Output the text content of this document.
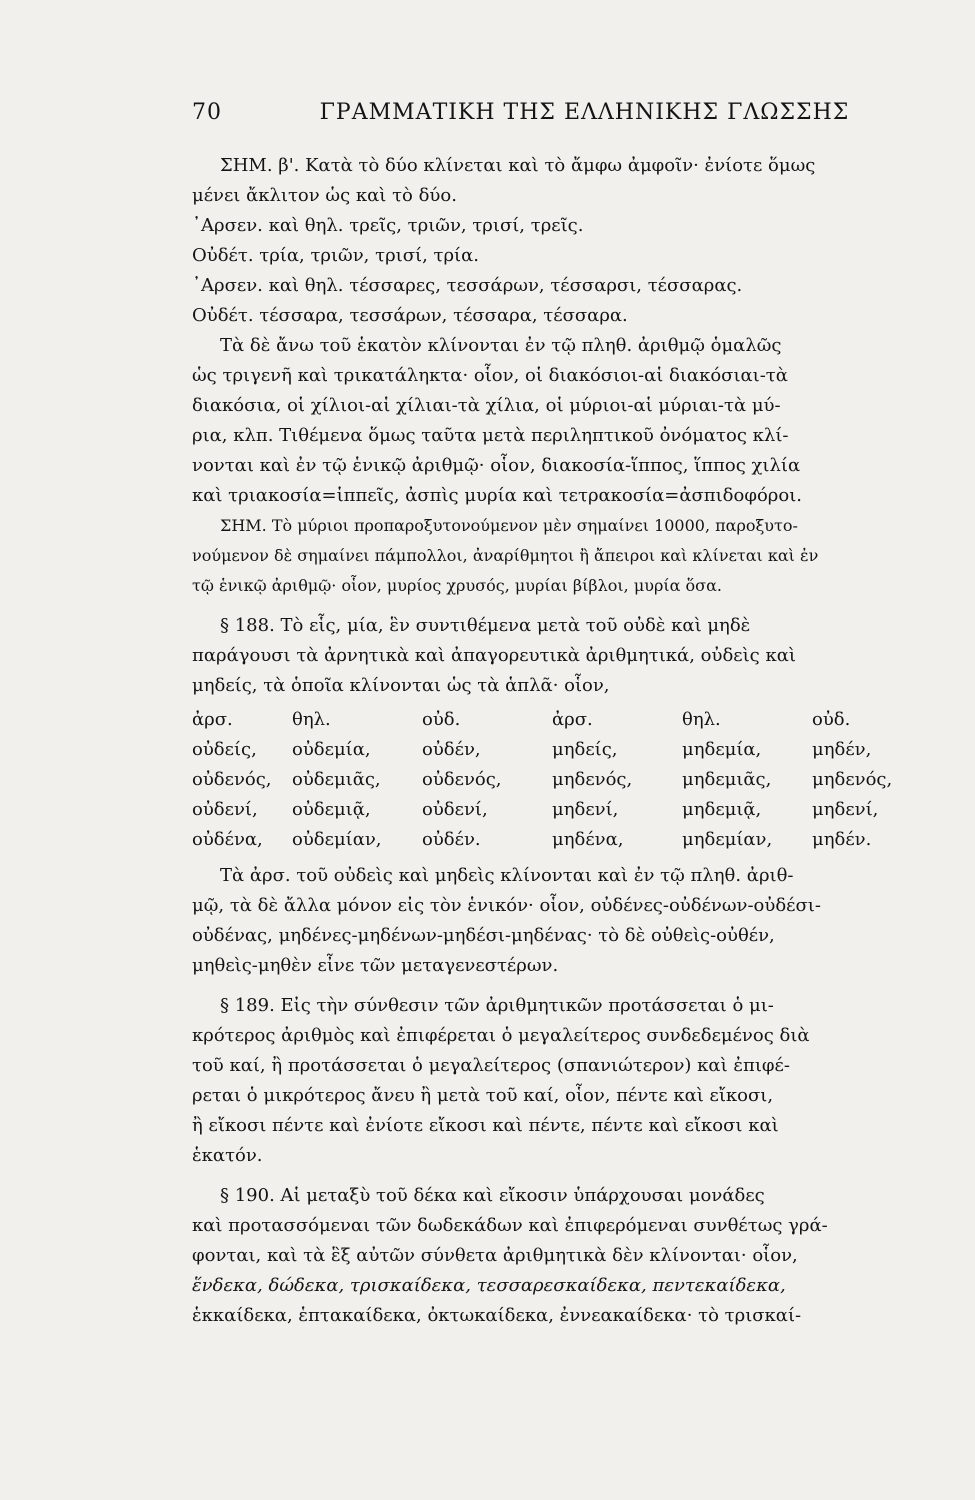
70	ΓΡΑΜΜΑΤΙΚΗ ΤΗΣ ΕΛΛΗΝΙΚΗΣ ΓΛΩΣΣΗΣ
ΣΗΜ. β'. Κατὰ τὸ δύο κλίνεται καὶ τὸ ἄμφω ἀμφοῖν· ἐνίοτε ὅμως
μένει ἄκλιτον ὡς καὶ τὸ δύο.
᾽Αρσεν. καὶ θηλ. τρεῖς, τριῶν, τρισί, τρεῖς.
Οὐδέτ. τρία, τριῶν, τρισί, τρία.
᾽Αρσεν. καὶ θηλ. τέσσαρες, τεσσάρων, τέσσαρσι, τέσσαρας.
Οὐδέτ. τέσσαρα, τεσσάρων, τέσσαρα, τέσσαρα.
Τὰ δὲ ἄνω τοῦ ἑκατὸν κλίνονται ἐν τῷ πληθ. ἀριθμῷ ὁμαλῶς
ὡς τριγενῆ καὶ τρικατάληκτα· οἷον, οἱ διακόσιοι-αἱ διακόσιαι-τὰ
διακόσια, οἱ χίλιοι-αἱ χίλιαι-τὰ χίλια, οἱ μύριοι-αἱ μύριαι-τὰ μύ-
ρια, κλπ. Τιθέμενα ὅμως ταῦτα μετὰ περιληπτικοῦ ὀνόματος κλί-
νονται καὶ ἐν τῷ ἑνικῷ ἀριθμῷ· οἷον, διακοσία-ἵππος, ἵππος χιλία
καὶ τριακοσία=ἱππεῖς, ἀσπὶς μυρία καὶ τετρακοσία=ἀσπιδοφόροι.
ΣΗΜ. Τὸ μύριοι προπαροξυτονούμενον μὲν σημαίνει 10000, παροξυτο-
νούμενον δὲ σημαίνει πάμπολλοι, ἀναρίθμητοι ἢ ἄπειροι καὶ κλίνεται καὶ ἐν
τῷ ἑνικῷ ἀριθμῷ· οἷον, μυρίος χρυσός, μυρίαι βίβλοι, μυρία ὅσα.
§ 188. Τὸ εἷς, μία, ἓν συντιθέμενα μετὰ τοῦ οὐδὲ καὶ μηδὲ
παράγουσι τὰ ἀρνητικὰ καὶ ἀπαγορευτικὰ ἀριθμητικά, οὐδεὶς καὶ
μηδείς, τὰ ὁποῖα κλίνονται ὡς τὰ ἁπλᾶ· οἷον,
ἀρσ.	θηλ.	οὐδ.	ἀρσ.	θηλ.	οὐδ.
οὐδείς,	οὐδεμία,	οὐδέν,	μηδείς,	μηδεμία,	μηδέν,
οὐδενός,	οὐδεμιᾶς,	οὐδενός,	μηδενός,	μηδεμιᾶς,	μηδενός,
οὐδενί,	οὐδεμιᾷ,	οὐδενί,	μηδενί,	μηδεμιᾷ,	μηδενί,
οὐδένα,	οὐδεμίαν,	οὐδέν.	μηδένα,	μηδεμίαν,	μηδέν.
Τὰ ἀρσ. τοῦ οὐδεὶς καὶ μηδεὶς κλίνονται καὶ ἐν τῷ πληθ. ἀριθ-
μῷ, τὰ δὲ ἄλλα μόνον εἰς τὸν ἑνικόν· οἷον, οὐδένες-οὐδένων-οὐδέσι-
οὐδένας, μηδένες-μηδένων-μηδέσι-μηδένας· τὸ δὲ οὐθεὶς-οὐθέν,
μηθεὶς-μηθὲν εἶνε τῶν μεταγενεστέρων.
§ 189. Εἰς τὴν σύνθεσιν τῶν ἀριθμητικῶν προτάσσεται ὁ μι-
κρότερος ἀριθμὸς καὶ ἐπιφέρεται ὁ μεγαλείτερος συνδεδεμένος διὰ
τοῦ καί, ἢ προτάσσεται ὁ μεγαλείτερος (σπανιώτερον) καὶ ἐπιφέ-
ρεται ὁ μικρότερος ἄνευ ἢ μετὰ τοῦ καί, οἷον, πέντε καὶ εἴκοσι,
ἢ εἴκοσι πέντε καὶ ἐνίοτε εἴκοσι καὶ πέντε, πέντε καὶ εἴκοσι καὶ
ἑκατόν.
§ 190. Αἱ μεταξὺ τοῦ δέκα καὶ εἴκοσιν ὑπάρχουσαι μονάδες
καὶ προτασσόμεναι τῶν δωδεκάδων καὶ ἐπιφερόμεναι συνθέτως γρά-
φονται, καὶ τὰ ἓξ αὐτῶν σύνθετα ἀριθμητικὰ δὲν κλίνονται· οἷον,
ἕνδεκα, δώδεκα, τρισκαίδεκα, τεσσαρεσκαίδεκα, πεντεκαίδεκα,
ἑκκαίδεκα, ἑπτακαίδεκα, ὀκτωκαίδεκα, ἐννεακαίδεκα· τὸ τρισκαί-
